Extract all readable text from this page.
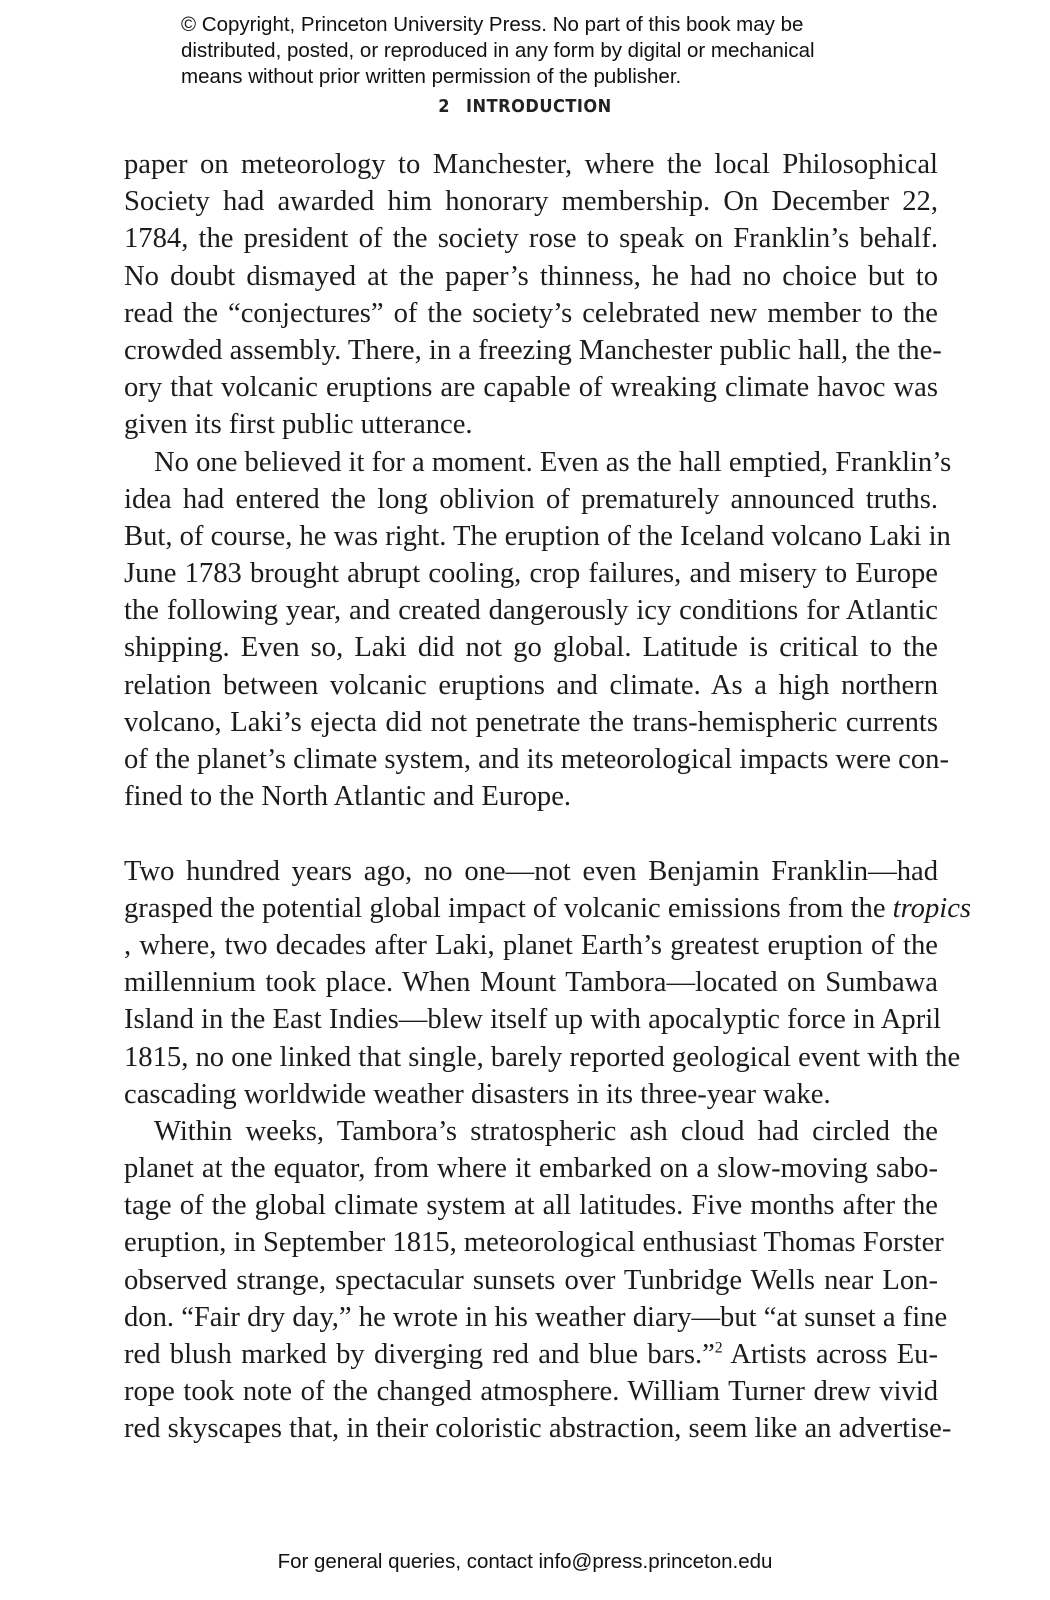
© Copyright, Princeton University Press. No part of this book may be
distributed, posted, or reproduced in any form by digital or mechanical
means without prior written permission of the publisher.
2 INTRODUCTION
paper on meteorology to Manchester, where the local Philosophical
Society had awarded him honorary membership. On December 22,
1784, the president of the society rose to speak on Franklin’s behalf.
No doubt dismayed at the paper’s thinness, he had no choice but to
read the “conjectures” of the society’s celebrated new member to the
crowded assembly. There, in a freezing Manchester public hall, the the-
ory that volcanic eruptions are capable of wreaking climate havoc was
given its first public utterance.
No one believed it for a moment. Even as the hall emptied, Franklin’s
idea had entered the long oblivion of prematurely announced truths.
But, of course, he was right. The eruption of the Iceland volcano Laki in
June 1783 brought abrupt cooling, crop failures, and misery to Europe
the following year, and created dangerously icy conditions for Atlantic
shipping. Even so, Laki did not go global. Latitude is critical to the
relation between volcanic eruptions and climate. As a high northern
volcano, Laki’s ejecta did not penetrate the trans-hemispheric currents
of the planet’s climate system, and its meteorological impacts were con-
fined to the North Atlantic and Europe.
Two hundred years ago, no one—not even Benjamin Franklin—had
grasped the potential global impact of volcanic emissions from the tropics
, where, two decades after Laki, planet Earth’s greatest eruption of the
millennium took place. When Mount Tambora—located on Sumbawa
Island in the East Indies—blew itself up with apocalyptic force in April
1815, no one linked that single, barely reported geological event with the
cascading worldwide weather disasters in its three-year wake.
Within weeks, Tambora’s stratospheric ash cloud had circled the
planet at the equator, from where it embarked on a slow-moving sabo-
tage of the global climate system at all latitudes. Five months after the
eruption, in September 1815, meteorological enthusiast Thomas Forster
observed strange, spectacular sunsets over Tunbridge Wells near Lon-
don. “Fair dry day,” he wrote in his weather diary—but “at sunset a fine
red blush marked by diverging red and blue bars.”$^2$ Artists across Eu-
rope took note of the changed atmosphere. William Turner drew vivid
red skyscapes that, in their coloristic abstraction, seem like an advertise-
For general queries, contact info@press.princeton.edu
